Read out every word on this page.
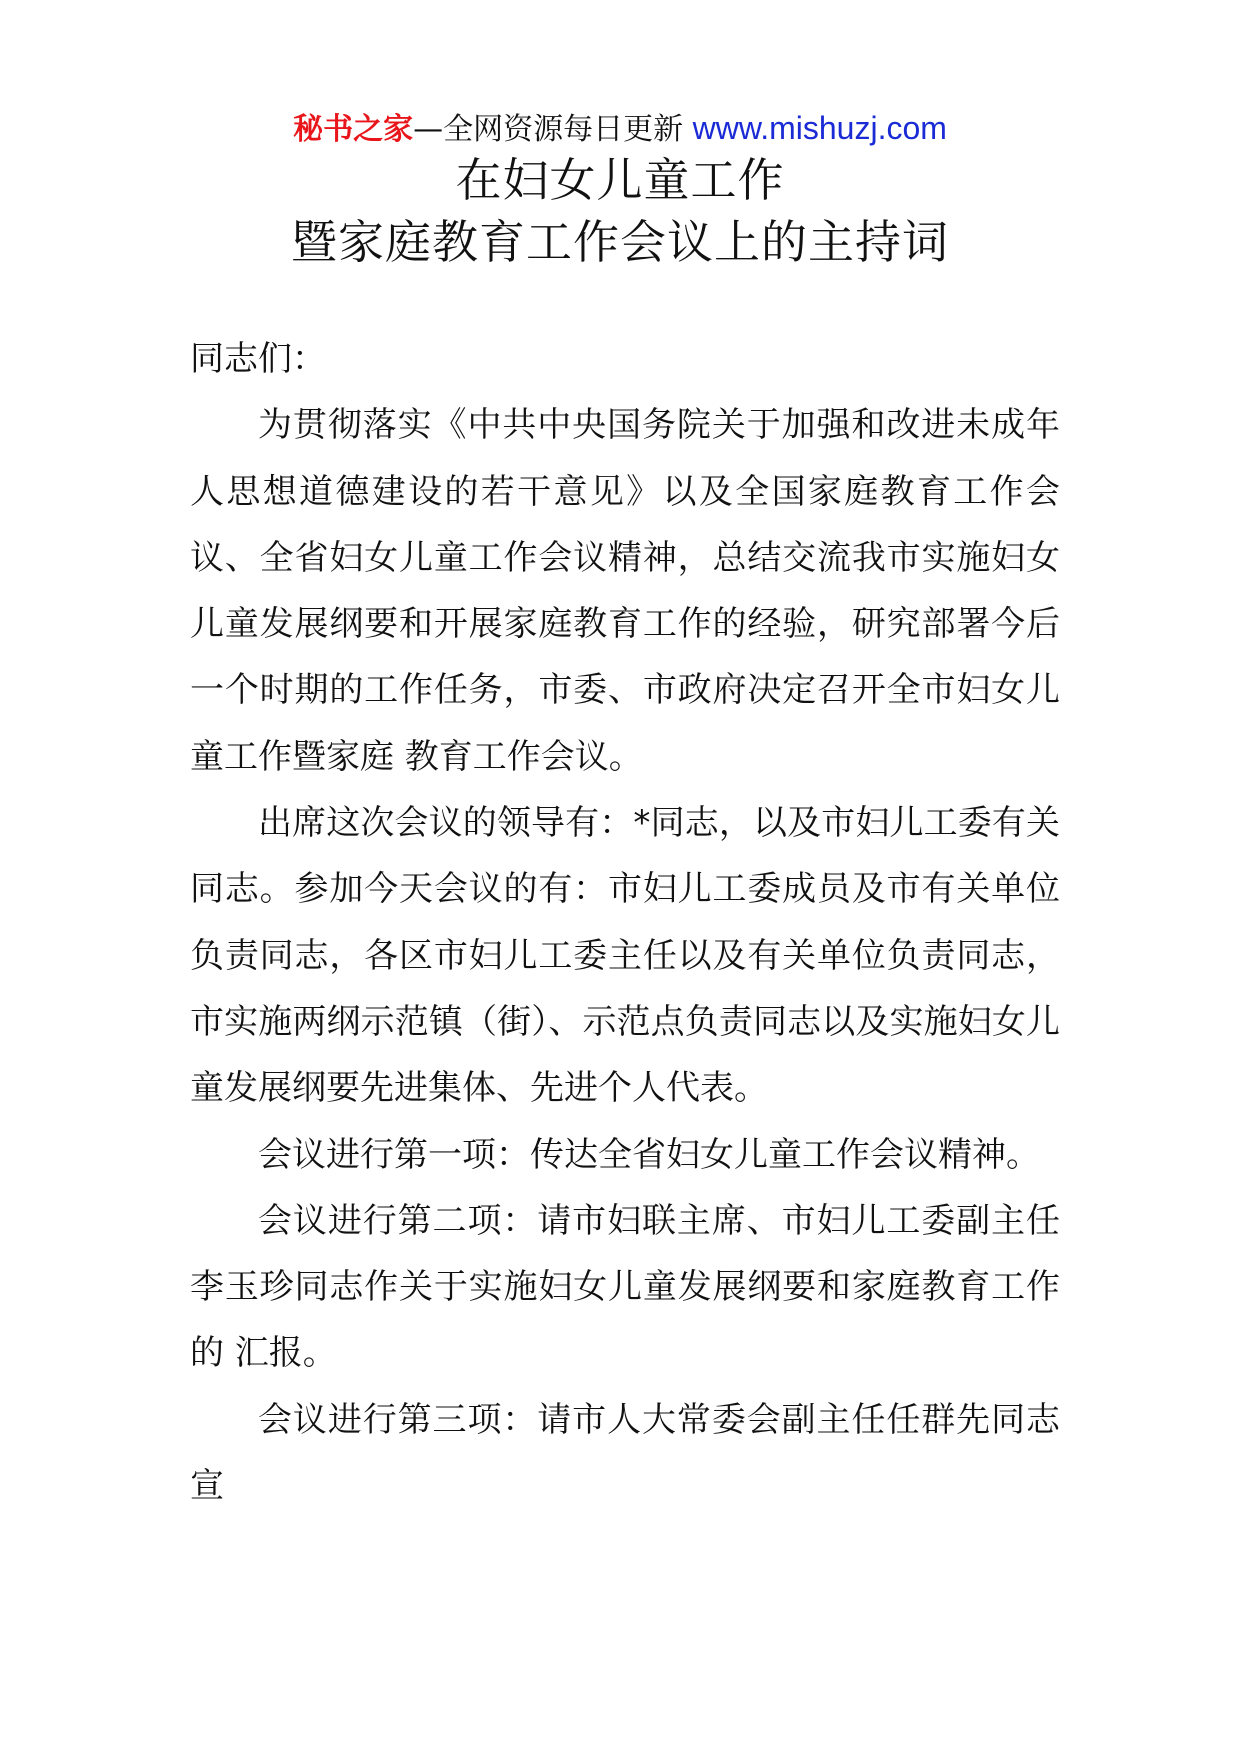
秘书之家—全网资源每日更新 www.mishuzj.com
在妇女儿童工作
暨家庭教育工作会议上的主持词

同志们：

为贯彻落实《中共中央国务院关于加强和改进未成年人思想道德建设的若干意见》以及全国家庭教育工作会议、全省妇女儿童工作会议精神，总结交流我市实施妇女儿童发展纲要和开展家庭教育工作的经验，研究部署今后一个时期的工作任务，市委、市政府决定召开全市妇女儿童工作暨家庭 教育工作会议。

出席这次会议的领导有：*同志，以及市妇儿工委有关同志。参加今天会议的有：市妇儿工委成员及市有关单位负责同志，各区市妇儿工委主任以及有关单位负责同志，市实施两纲示范镇（街）、示范点负责同志以及实施妇女儿童发展纲要先进集体、先进个人代表。

会议进行第一项：传达全省妇女儿童工作会议精神。

会议进行第二项：请市妇联主席、市妇儿工委副主任李玉珍同志作关于实施妇女儿童发展纲要和家庭教育工作的 汇报。

会议进行第三项：请市人大常委会副主任任群先同志宣
